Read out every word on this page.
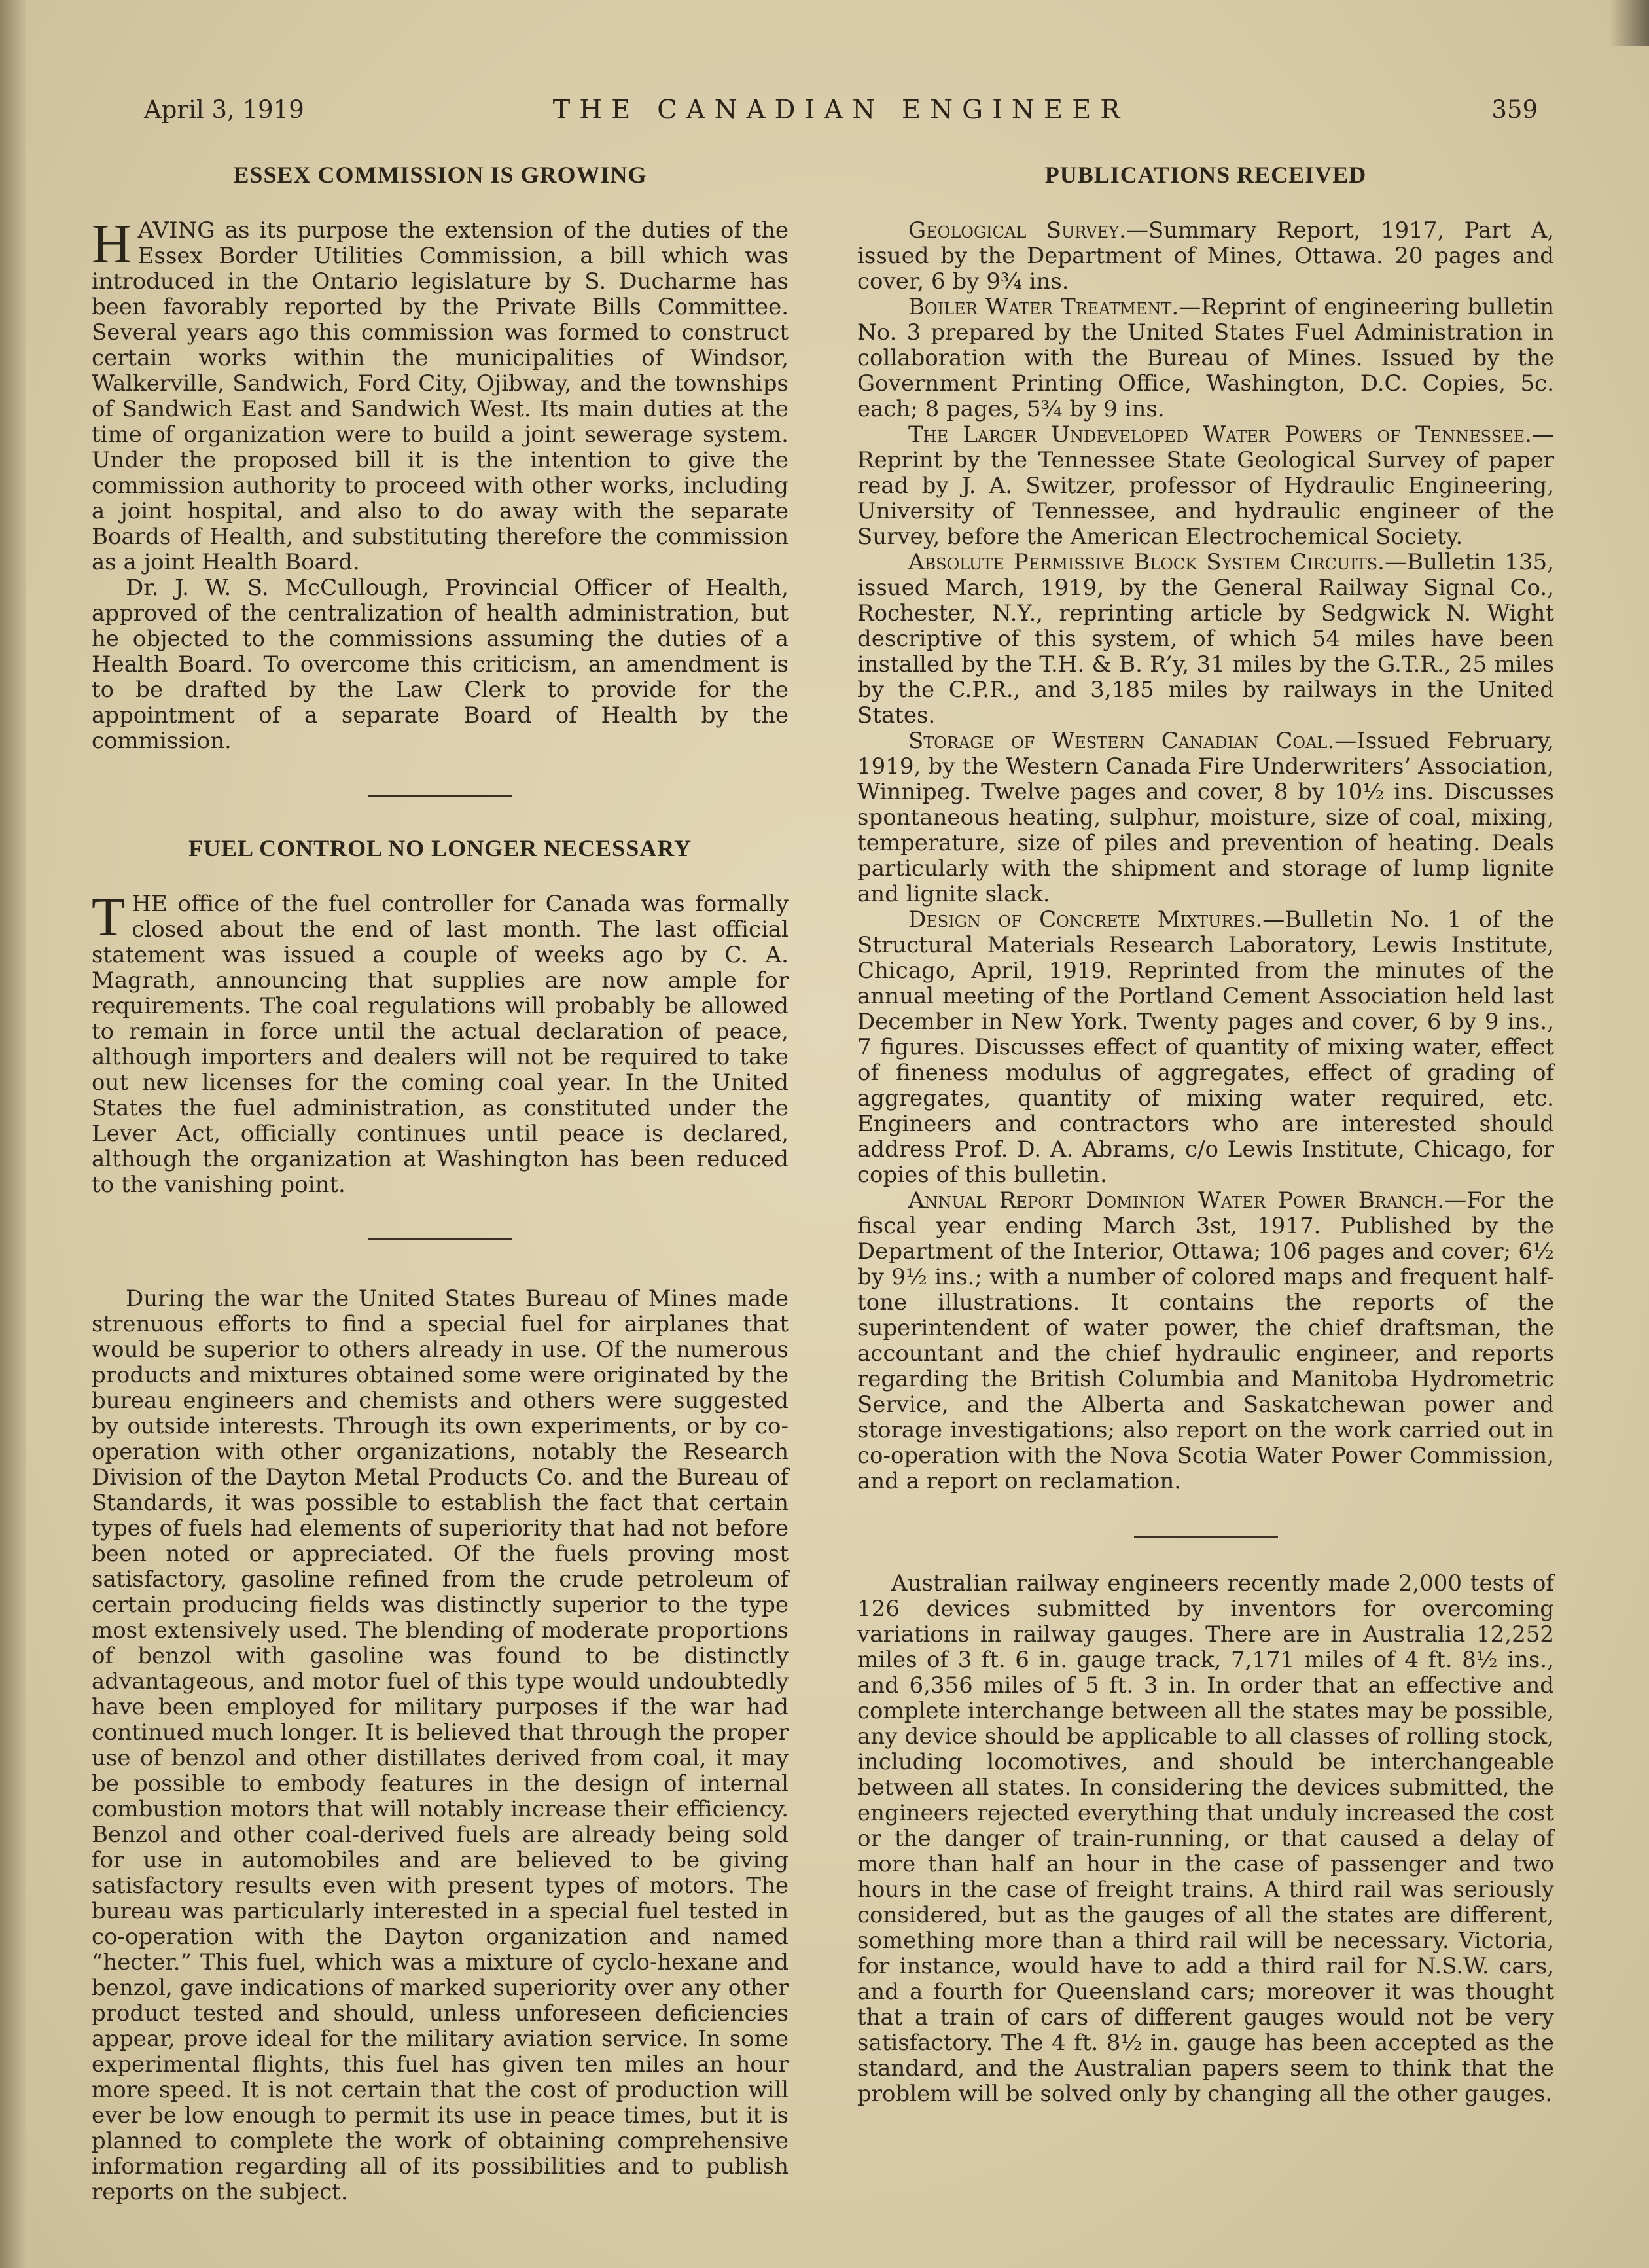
April 3, 1919	THE CANADIAN ENGINEER	359
ESSEX COMMISSION IS GROWING

HAVING as its purpose the extension of the duties of the Essex Border Utilities Commission, a bill which was introduced in the Ontario legislature by S. Ducharme has been favorably reported by the Private Bills Committee. Several years ago this commission was formed to construct certain works within the municipalities of Windsor, Walkerville, Sandwich, Ford City, Ojibway, and the townships of Sandwich East and Sandwich West. Its main duties at the time of organization were to build a joint sewerage system. Under the proposed bill it is the intention to give the commission authority to proceed with other works, including a joint hospital, and also to do away with the separate Boards of Health, and substituting therefore the commission as a joint Health Board.

Dr. J. W. S. McCullough, Provincial Officer of Health, approved of the centralization of health administration, but he objected to the commissions assuming the duties of a Health Board. To overcome this criticism, an amendment is to be drafted by the Law Clerk to provide for the appointment of a separate Board of Health by the commission.

FUEL CONTROL NO LONGER NECESSARY

THE office of the fuel controller for Canada was formally closed about the end of last month. The last official statement was issued a couple of weeks ago by C. A. Magrath, announcing that supplies are now ample for requirements. The coal regulations will probably be allowed to remain in force until the actual declaration of peace, although importers and dealers will not be required to take out new licenses for the coming coal year. In the United States the fuel administration, as constituted under the Lever Act, officially continues until peace is declared, although the organization at Washington has been reduced to the vanishing point.

During the war the United States Bureau of Mines made strenuous efforts to find a special fuel for airplanes that would be superior to others already in use. Of the numerous products and mixtures obtained some were originated by the bureau engineers and chemists and others were suggested by outside interests. Through its own experiments, or by co-operation with other organizations, notably the Research Division of the Dayton Metal Products Co. and the Bureau of Standards, it was possible to establish the fact that certain types of fuels had elements of superiority that had not before been noted or appreciated. Of the fuels proving most satisfactory, gasoline refined from the crude petroleum of certain producing fields was distinctly superior to the type most extensively used. The blending of moderate proportions of benzol with gasoline was found to be distinctly advantageous, and motor fuel of this type would undoubtedly have been employed for military purposes if the war had continued much longer. It is believed that through the proper use of benzol and other distillates derived from coal, it may be possible to embody features in the design of internal combustion motors that will notably increase their efficiency. Benzol and other coal-derived fuels are already being sold for use in automobiles and are believed to be giving satisfactory results even with present types of motors. The bureau was particularly interested in a special fuel tested in co-operation with the Dayton organization and named “hecter.” This fuel, which was a mixture of cyclo-hexane and benzol, gave indications of marked superiority over any other product tested and should, unless unforeseen deficiencies appear, prove ideal for the military aviation service. In some experimental flights, this fuel has given ten miles an hour more speed. It is not certain that the cost of production will ever be low enough to permit its use in peace times, but it is planned to complete the work of obtaining comprehensive information regarding all of its possibilities and to publish reports on the subject.

PUBLICATIONS RECEIVED

Geological Survey.—Summary Report, 1917, Part A, issued by the Department of Mines, Ottawa. 20 pages and cover, 6 by 9¾ ins.

Boiler Water Treatment.—Reprint of engineering bulletin No. 3 prepared by the United States Fuel Administration in collaboration with the Bureau of Mines. Issued by the Government Printing Office, Washington, D.C. Copies, 5c. each; 8 pages, 5¾ by 9 ins.

The Larger Undeveloped Water Powers of Tennessee.—Reprint by the Tennessee State Geological Survey of paper read by J. A. Switzer, professor of Hydraulic Engineering, University of Tennessee, and hydraulic engineer of the Survey, before the American Electrochemical Society.

Absolute Permissive Block System Circuits.—Bulletin 135, issued March, 1919, by the General Railway Signal Co., Rochester, N.Y., reprinting article by Sedgwick N. Wight descriptive of this system, of which 54 miles have been installed by the T.H. & B. R’y, 31 miles by the G.T.R., 25 miles by the C.P.R., and 3,185 miles by railways in the United States.

Storage of Western Canadian Coal.—Issued February, 1919, by the Western Canada Fire Underwriters’ Association, Winnipeg. Twelve pages and cover, 8 by 10½ ins. Discusses spontaneous heating, sulphur, moisture, size of coal, mixing, temperature, size of piles and prevention of heating. Deals particularly with the shipment and storage of lump lignite and lignite slack.

Design of Concrete Mixtures.—Bulletin No. 1 of the Structural Materials Research Laboratory, Lewis Institute, Chicago, April, 1919. Reprinted from the minutes of the annual meeting of the Portland Cement Association held last December in New York. Twenty pages and cover, 6 by 9 ins., 7 figures. Discusses effect of quantity of mixing water, effect of fineness modulus of aggregates, effect of grading of aggregates, quantity of mixing water required, etc. Engineers and contractors who are interested should address Prof. D. A. Abrams, c/o Lewis Institute, Chicago, for copies of this bulletin.

Annual Report Dominion Water Power Branch.—For the fiscal year ending March 3st, 1917. Published by the Department of the Interior, Ottawa; 106 pages and cover; 6½ by 9½ ins.; with a number of colored maps and frequent half-tone illustrations. It contains the reports of the superintendent of water power, the chief draftsman, the accountant and the chief hydraulic engineer, and reports regarding the British Columbia and Manitoba Hydrometric Service, and the Alberta and Saskatchewan power and storage investigations; also report on the work carried out in co-operation with the Nova Scotia Water Power Commission, and a report on reclamation.

Australian railway engineers recently made 2,000 tests of 126 devices submitted by inventors for overcoming variations in railway gauges. There are in Australia 12,252 miles of 3 ft. 6 in. gauge track, 7,171 miles of 4 ft. 8½ ins., and 6,356 miles of 5 ft. 3 in. In order that an effective and complete interchange between all the states may be possible, any device should be applicable to all classes of rolling stock, including locomotives, and should be interchangeable between all states. In considering the devices submitted, the engineers rejected everything that unduly increased the cost or the danger of train-running, or that caused a delay of more than half an hour in the case of passenger and two hours in the case of freight trains. A third rail was seriously considered, but as the gauges of all the states are different, something more than a third rail will be necessary. Victoria, for instance, would have to add a third rail for N.S.W. cars, and a fourth for Queensland cars; moreover it was thought that a train of cars of different gauges would not be very satisfactory. The 4 ft. 8½ in. gauge has been accepted as the standard, and the Australian papers seem to think that the problem will be solved only by changing all the other gauges.
